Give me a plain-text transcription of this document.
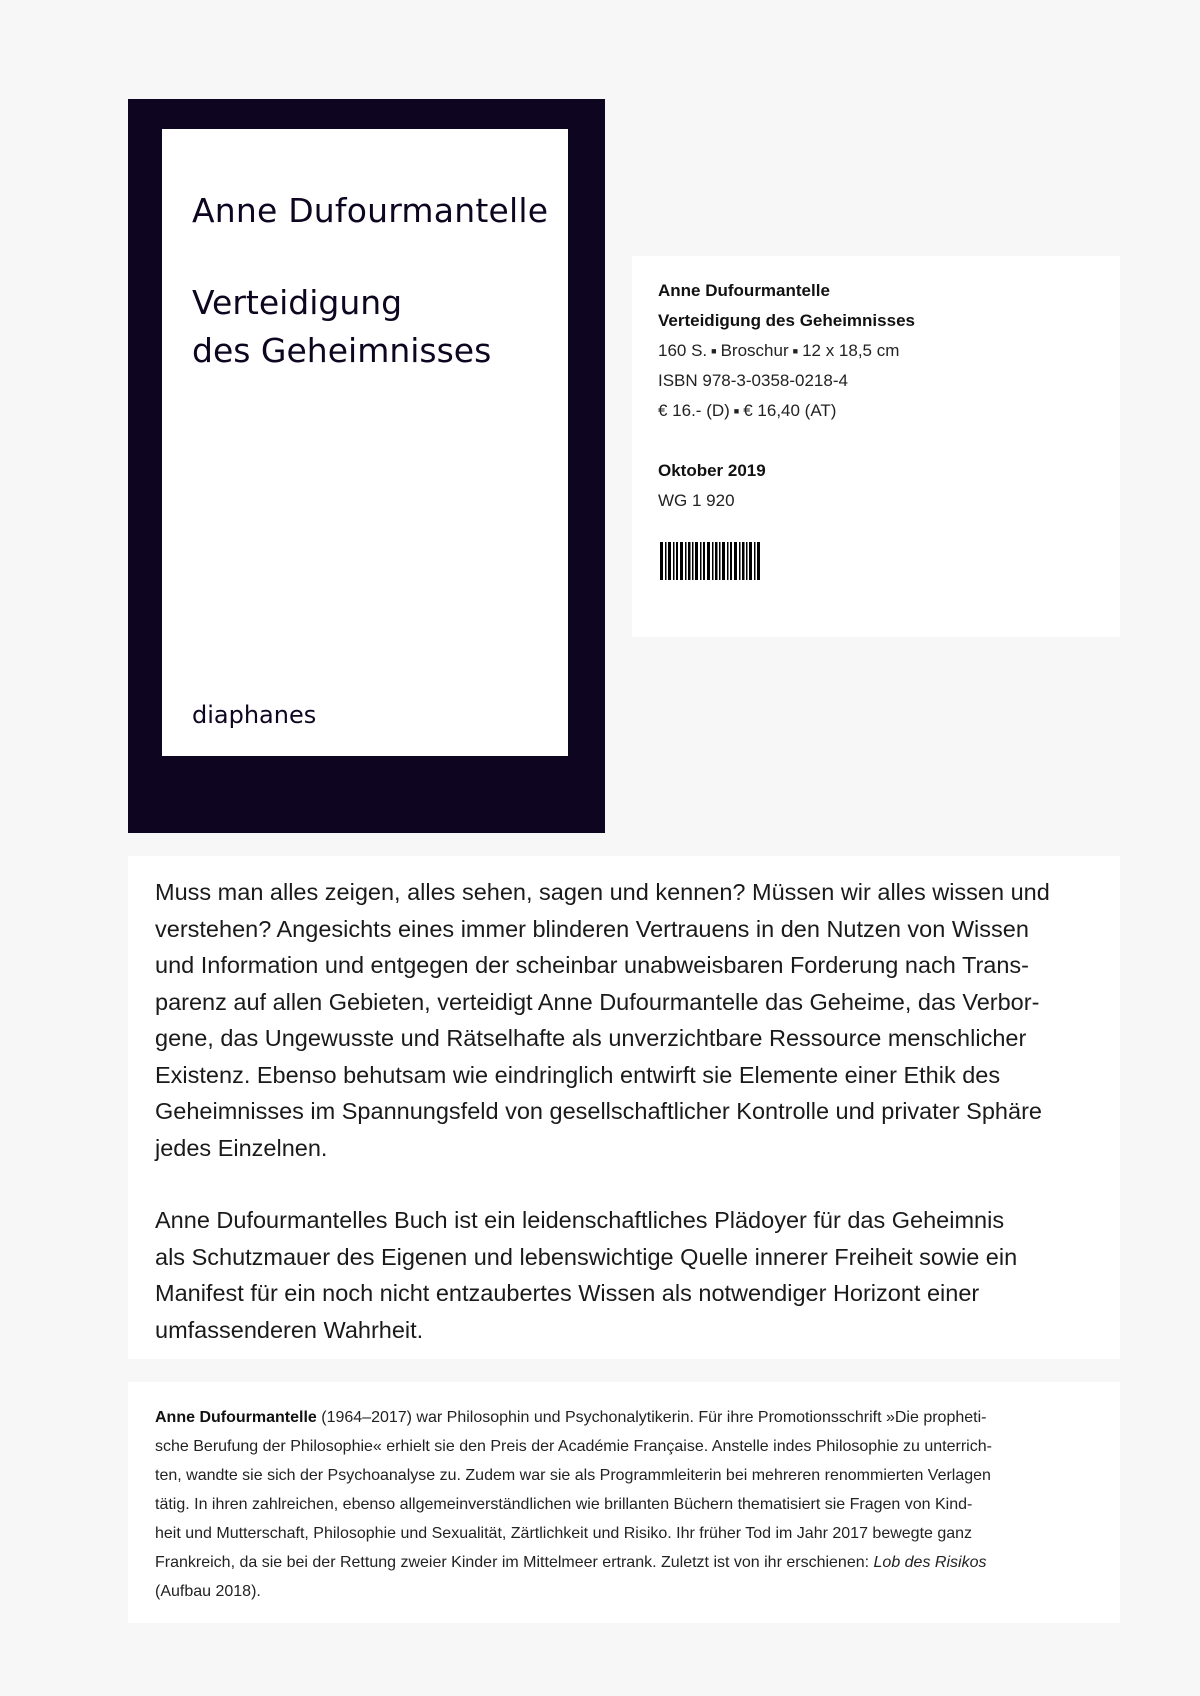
Anne Dufourmantelle
Verteidigung
des Geheimnisses
diaphanes
Anne Dufourmantelle
Verteidigung des Geheimnisses
160 S. ■ Broschur ■ 12 x 18,5 cm
ISBN 978-3-0358-0218-4
€ 16.- (D) ■ € 16,40 (AT)
Oktober 2019
WG 1 920

Muss man alles zeigen, alles sehen, sagen und kennen? Müssen wir alles wissen und
verstehen? Angesichts eines immer blinderen Vertrauens in den Nutzen von Wissen
und Information und entgegen der scheinbar unabweisbaren Forderung nach Trans-
parenz auf allen Gebieten, verteidigt Anne Dufourmantelle das Geheime, das Verbor-
gene, das Ungewusste und Rätselhafte als unverzichtbare Ressource menschlicher
Existenz. Ebenso behutsam wie eindringlich entwirft sie Elemente einer Ethik des
Geheimnisses im Spannungsfeld von gesellschaftlicher Kontrolle und privater Sphäre
jedes Einzelnen.

Anne Dufourmantelles Buch ist ein leidenschaftliches Plädoyer für das Geheimnis
als Schutzmauer des Eigenen und lebenswichtige Quelle innerer Freiheit sowie ein
Manifest für ein noch nicht entzaubertes Wissen als notwendiger Horizont einer
umfassenderen Wahrheit.

Anne Dufourmantelle (1964–2017) war Philosophin und Psychonalytikerin. Für ihre Promotionsschrift »Die propheti-
sche Berufung der Philosophie« erhielt sie den Preis der Académie Française. Anstelle indes Philosophie zu unterrich-
ten, wandte sie sich der Psychoanalyse zu. Zudem war sie als Programmleiterin bei mehreren renommierten Verlagen
tätig. In ihren zahlreichen, ebenso allgemeinverständlichen wie brillanten Büchern thematisiert sie Fragen von Kind-
heit und Mutterschaft, Philosophie und Sexualität, Zärtlichkeit und Risiko. Ihr früher Tod im Jahr 2017 bewegte ganz
Frankreich, da sie bei der Rettung zweier Kinder im Mittelmeer ertrank. Zuletzt ist von ihr erschienen: Lob des Risikos
(Aufbau 2018).
